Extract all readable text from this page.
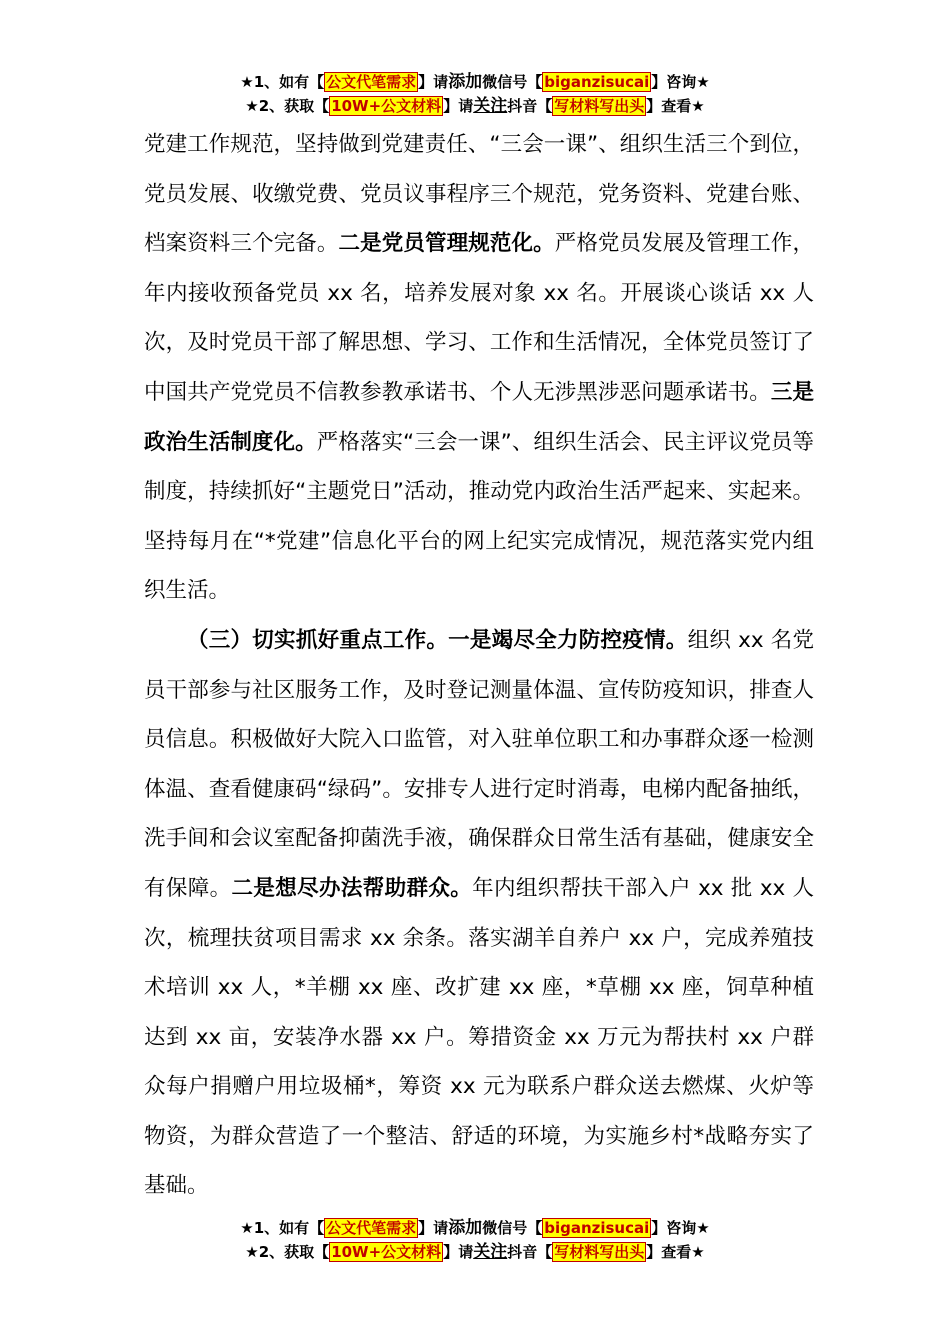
★1、如有【 公文代笔需求 】请添加微信号【 biganzisucai 】咨询★
★2、获取【 10W+公文材料 】请关注抖音【 写材料写出头 】查看★

党建工作规范，坚持做到党建责任、“三会一课”、组织生活三个到位，党员发展、收缴党费、党员议事程序三个规范，党务资料、党建台账、档案资料三个完备。二是党员管理规范化。严格党员发展及管理工作，年内接收预备党员 xx 名，培养发展对象 xx 名。开展谈心谈话 xx 人次，及时党员干部了解思想、学习、工作和生活情况，全体党员签订了中国共产党党员不信教参教承诺书、个人无涉黑涉恶问题承诺书。三是政治生活制度化。严格落实“三会一课”、组织生活会、民主评议党员等制度，持续抓好“主题党日”活动，推动党内政治生活严起来、实起来。坚持每月在“*党建”信息化平台的网上纪实完成情况，规范落实党内组织生活。

（三）切实抓好重点工作。一是竭尽全力防控疫情。组织 xx 名党员干部参与社区服务工作，及时登记测量体温、宣传防疫知识，排查人员信息。积极做好大院入口监管，对入驻单位职工和办事群众逐一检测体温、查看健康码“绿码”。安排专人进行定时消毒，电梯内配备抽纸，洗手间和会议室配备抑菌洗手液，确保群众日常生活有基础，健康安全有保障。二是想尽办法帮助群众。年内组织帮扶干部入户 xx 批 xx 人次，梳理扶贫项目需求 xx 余条。落实湖羊自养户 xx 户，完成养殖技术培训 xx 人，*羊棚 xx 座、改扩建 xx 座，*草棚 xx 座，饲草种植达到 xx 亩，安装净水器 xx 户。筹措资金 xx 万元为帮扶村 xx 户群众每户捐赠户用垃圾桶*，筹资 xx 元为联系户群众送去燃煤、火炉等物资，为群众营造了一个整洁、舒适的环境，为实施乡村*战略夯实了基础。

★1、如有【 公文代笔需求 】请添加微信号【 biganzisucai 】咨询★
★2、获取【 10W+公文材料 】请关注抖音【 写材料写出头 】查看★
